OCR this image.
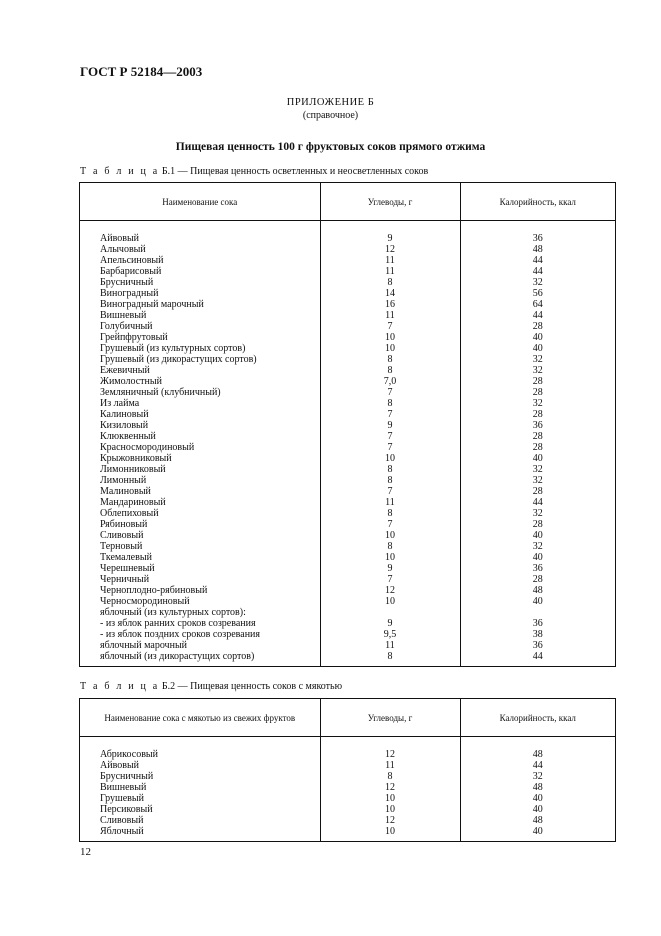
ГОСТ Р 52184—2003
ПРИЛОЖЕНИЕ Б
(справочное)
Пищевая ценность 100 г фруктовых соков прямого отжима
Т а б л и ц а Б.1 — Пищевая ценность осветленных и неосветленных соков
Наименование сока	Углеводы, г	Калорийность, ккал
Айвовый	9	36
Алычовый	12	48
Апельсиновый	11	44
Барбарисовый	11	44
Брусничный	8	32
Виноградный	14	56
Виноградный марочный	16	64
Вишневый	11	44
Голубичный	7	28
Грейпфрутовый	10	40
Грушевый (из культурных сортов)	10	40
Грушевый (из дикорастущих сортов)	8	32
Ежевичный	8	32
Жимолостный	7,0	28
Земляничный (клубничный)	7	28
Из лайма	8	32
Калиновый	7	28
Кизиловый	9	36
Клюквенный	7	28
Красносмородиновый	7	28
Крыжовниковый	10	40
Лимонниковый	8	32
Лимонный	8	32
Малиновый	7	28
Мандариновый	11	44
Облепиховый	8	32
Рябиновый	7	28
Сливовый	10	40
Терновый	8	32
Ткемалевый	10	40
Черешневый	9	36
Черничный	7	28
Черноплодно-рябиновый	12	48
Черносмородиновый	10	40
яблочный (из культурных сортов):		
- из яблок ранних сроков созревания	9	36
- из яблок поздних сроков созревания	9,5	38
яблочный марочный	11	36
яблочный (из дикорастущих сортов)	8	44
Т а б л и ц а Б.2 — Пищевая ценность соков с мякотью
Наименование сока с мякотью из свежих фруктов	Углеводы, г	Калорийность, ккал
Абрикосовый	12	48
Айвовый	11	44
Брусничный	8	32
Вишневый	12	48
Грушевый	10	40
Персиковый	10	40
Сливовый	12	48
Яблочный	10	40
12
